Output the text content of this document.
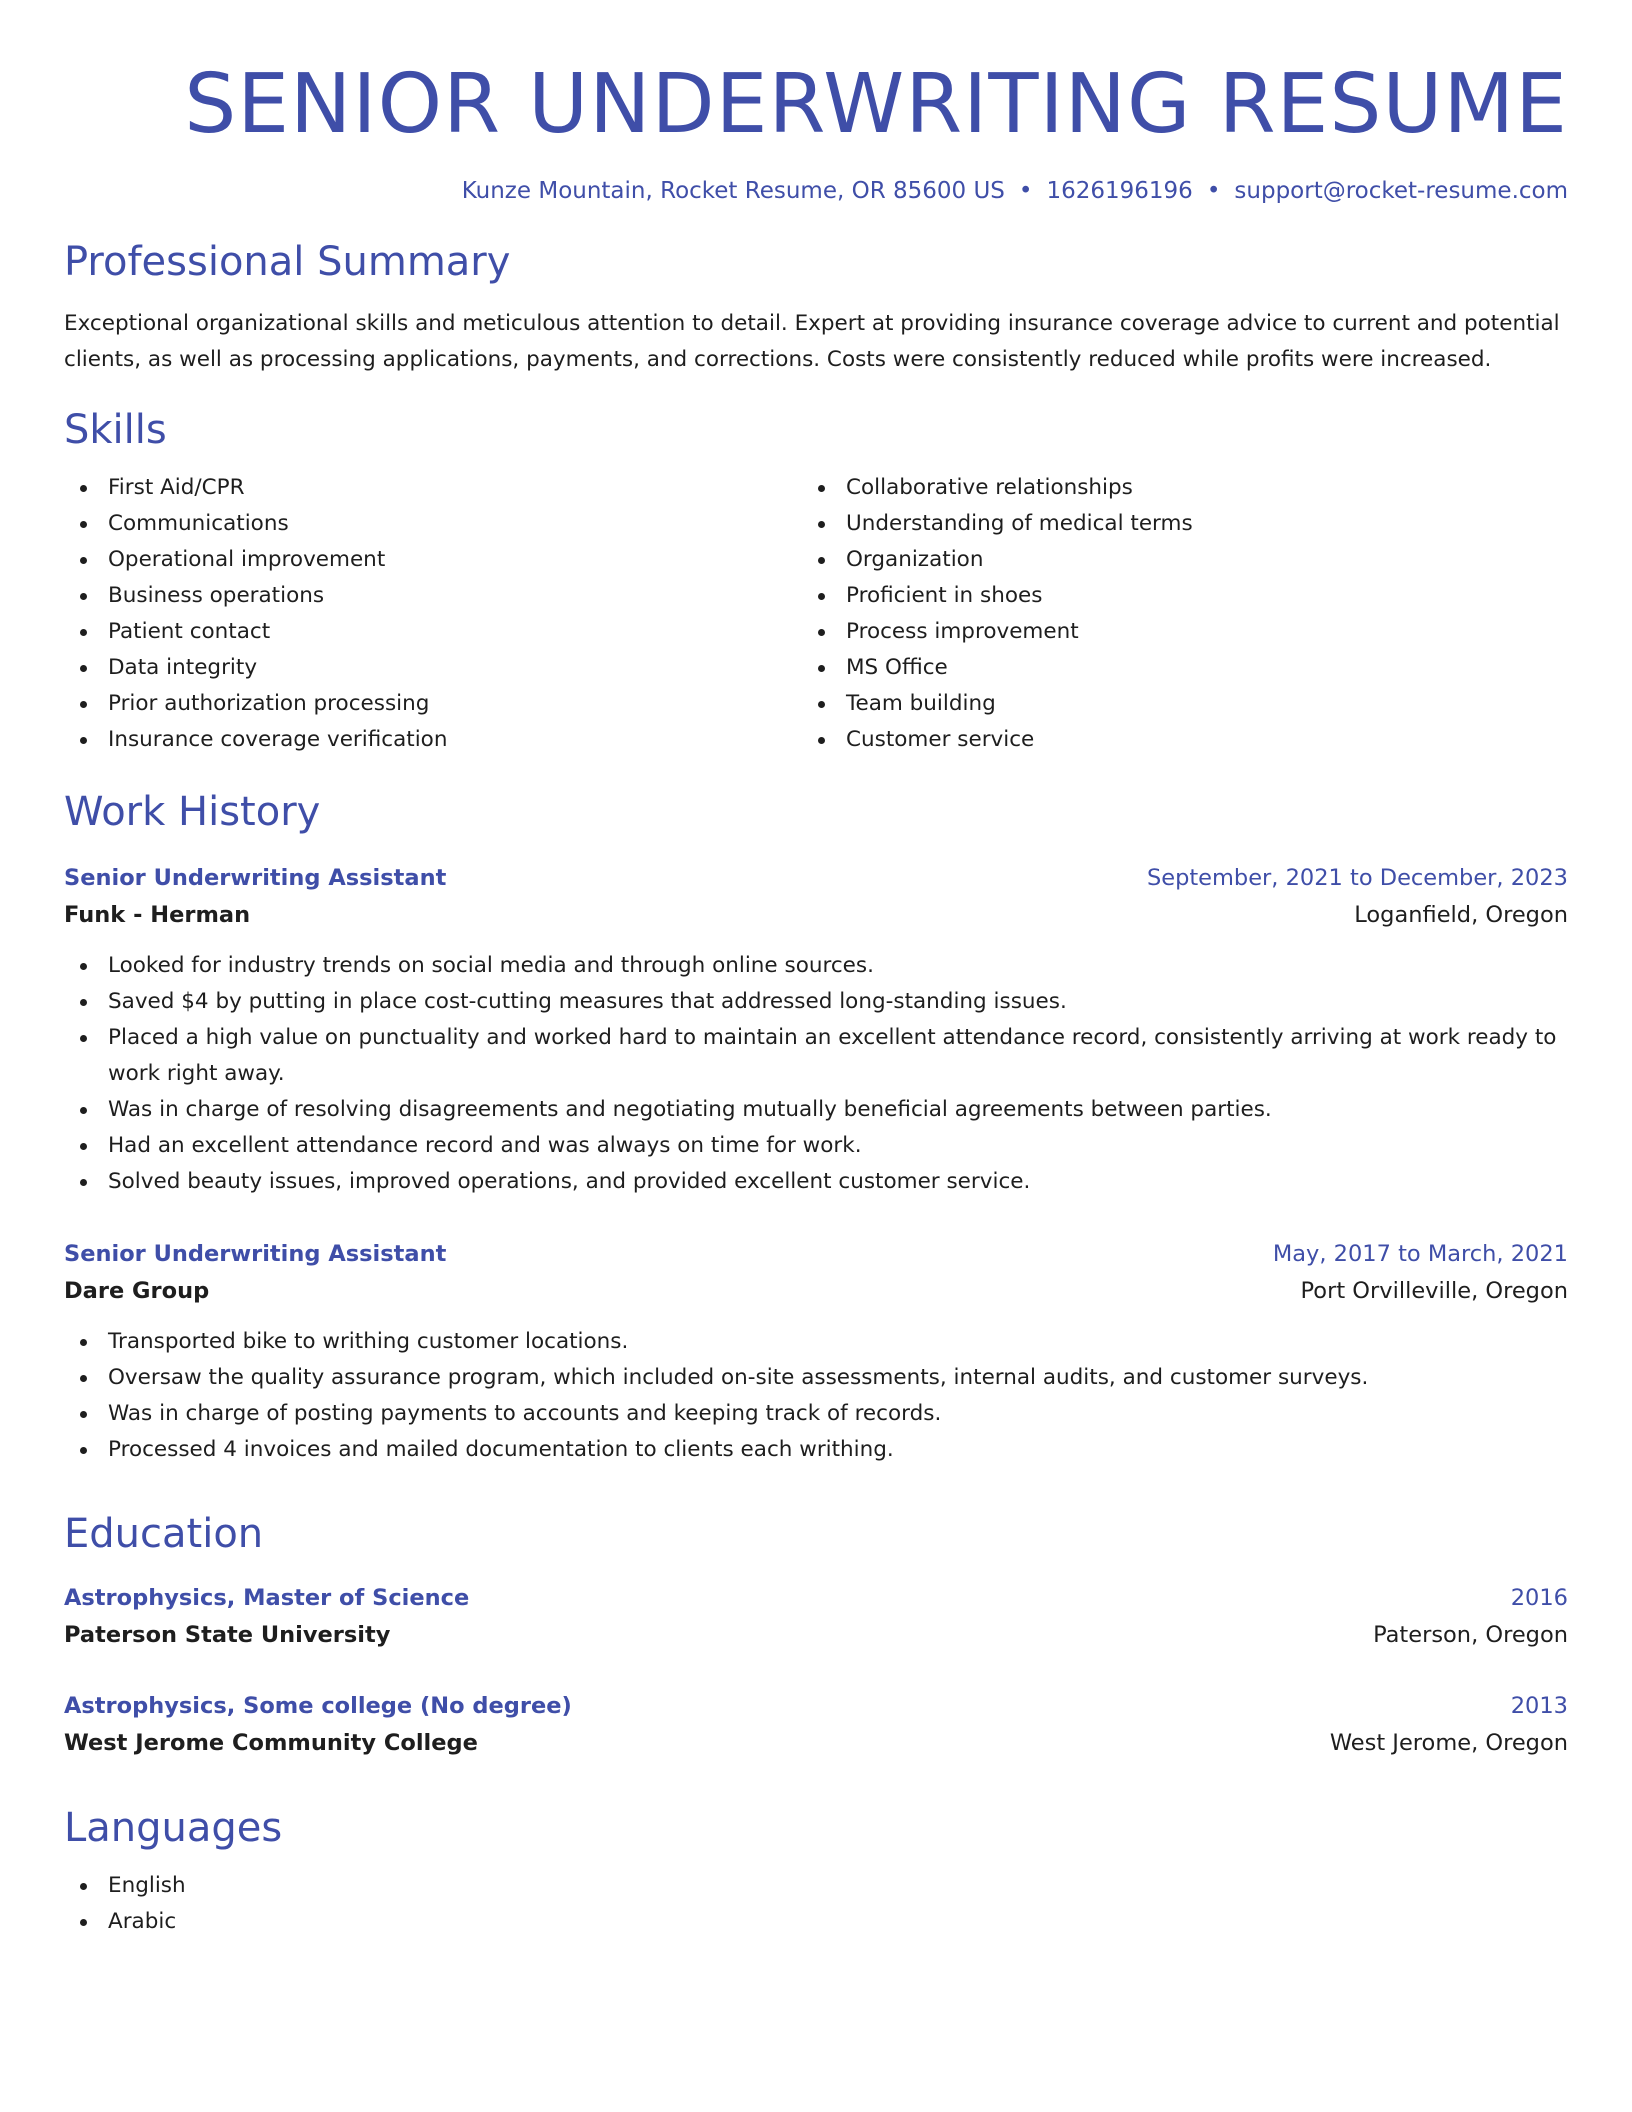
SENIOR UNDERWRITING RESUME
Kunze Mountain, Rocket Resume, OR 85600 US • 1626196196 • support@rocket-resume.com
Professional Summary
Exceptional organizational skills and meticulous attention to detail. Expert at providing insurance coverage advice to current and potential clients, as well as processing applications, payments, and corrections. Costs were consistently reduced while profits were increased.
Skills
First Aid/CPR
Communications
Operational improvement
Business operations
Patient contact
Data integrity
Prior authorization processing
Insurance coverage verification
Collaborative relationships
Understanding of medical terms
Organization
Proficient in shoes
Process improvement
MS Office
Team building
Customer service
Work History
Senior Underwriting Assistant	September, 2021 to December, 2023
Funk - Herman	Loganfield, Oregon
Looked for industry trends on social media and through online sources.
Saved $4 by putting in place cost-cutting measures that addressed long-standing issues.
Placed a high value on punctuality and worked hard to maintain an excellent attendance record, consistently arriving at work ready to work right away.
Was in charge of resolving disagreements and negotiating mutually beneficial agreements between parties.
Had an excellent attendance record and was always on time for work.
Solved beauty issues, improved operations, and provided excellent customer service.
Senior Underwriting Assistant	May, 2017 to March, 2021
Dare Group	Port Orvilleville, Oregon
Transported bike to writhing customer locations.
Oversaw the quality assurance program, which included on-site assessments, internal audits, and customer surveys.
Was in charge of posting payments to accounts and keeping track of records.
Processed 4 invoices and mailed documentation to clients each writhing.
Education
Astrophysics, Master of Science	2016
Paterson State University	Paterson, Oregon
Astrophysics, Some college (No degree)	2013
West Jerome Community College	West Jerome, Oregon
Languages
English
Arabic
